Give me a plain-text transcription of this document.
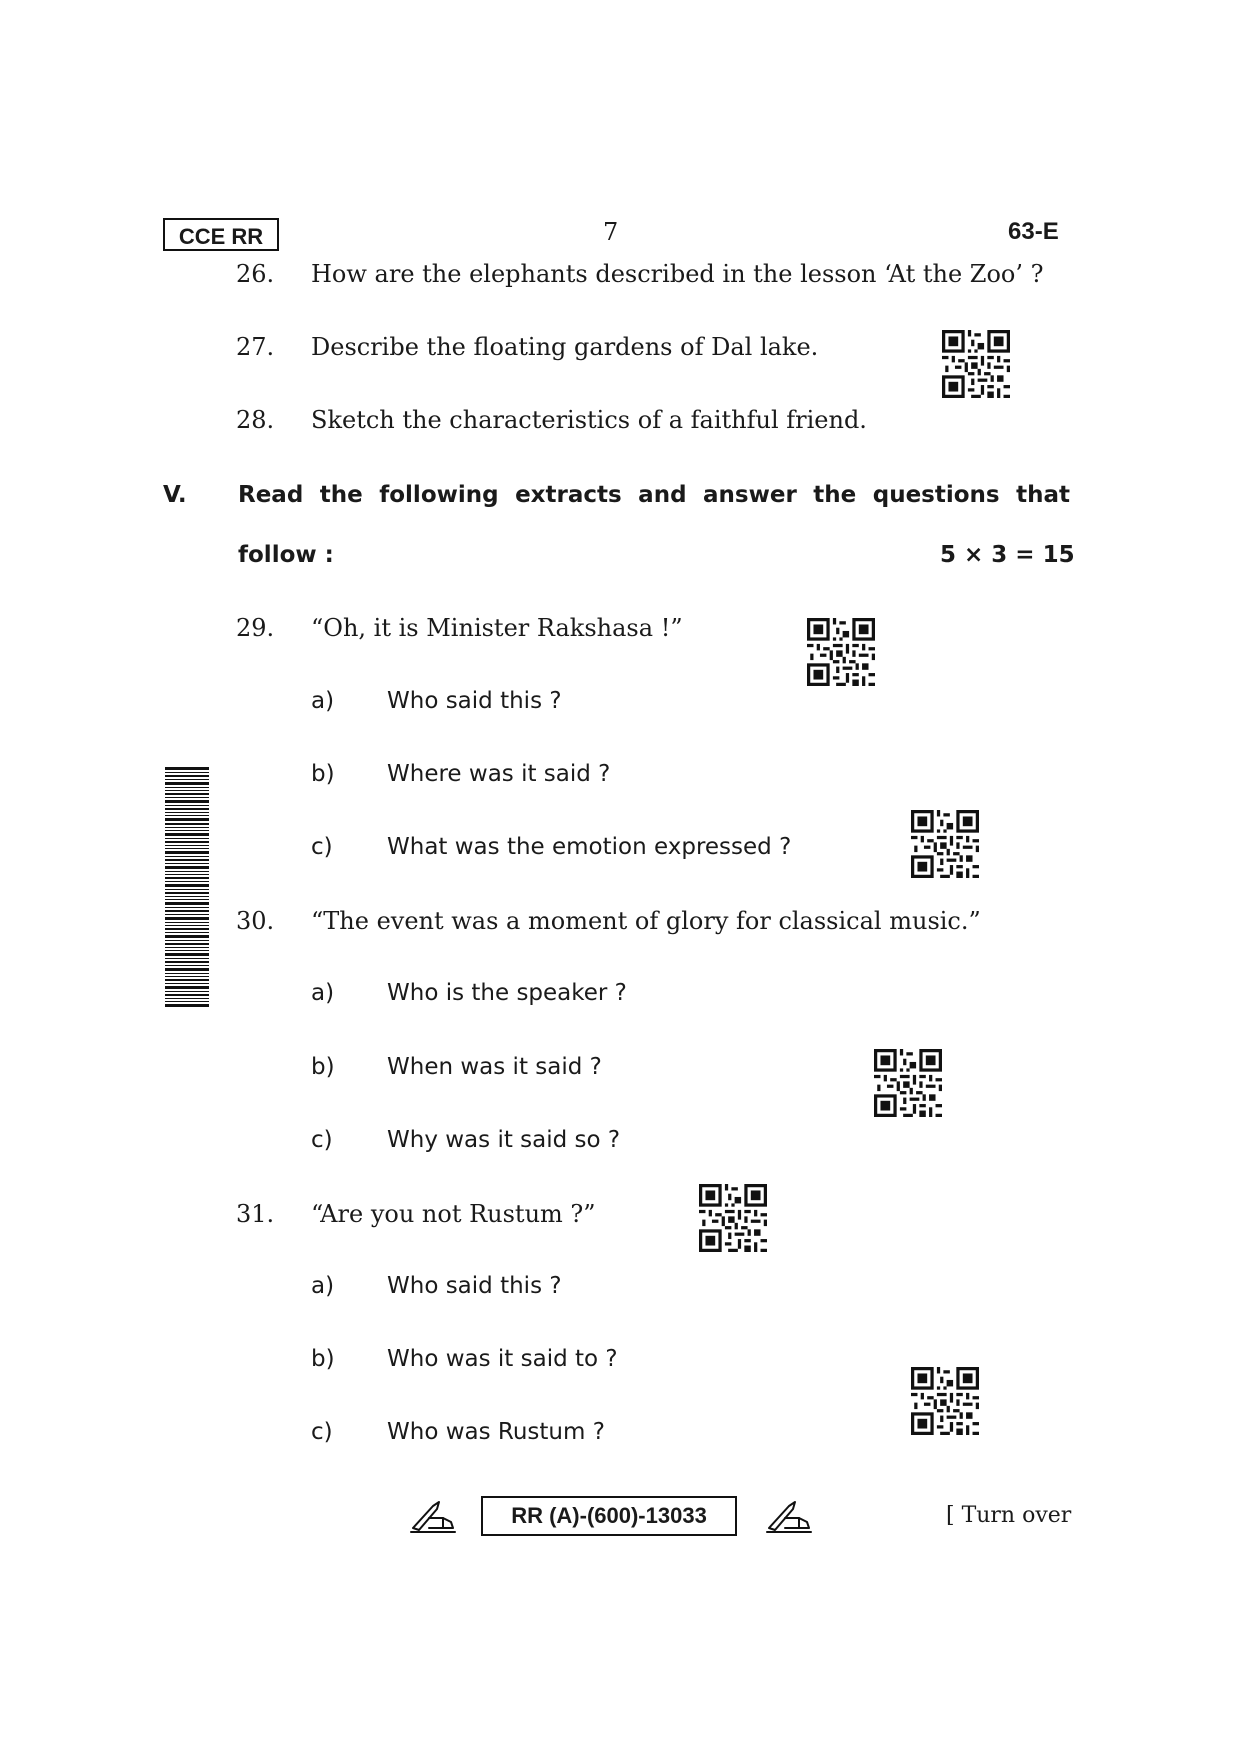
CCE RR	7	63-E
26. How are the elephants described in the lesson ‘At the Zoo’ ?
27. Describe the floating gardens of Dal lake.
28. Sketch the characteristics of a faithful friend.
V. Read the following extracts and answer the questions that
follow :	5 × 3 = 15
29. “Oh, it is Minister Rakshasa !”
a) Who said this ?
b) Where was it said ?
c) What was the emotion expressed ?
30. “The event was a moment of glory for classical music.”
a) Who is the speaker ?
b) When was it said ?
c) Why was it said so ?
31. “Are you not Rustum ?”
a) Who said this ?
b) Who was it said to ?
c) Who was Rustum ?
RR (A)-(600)-13033	[ Turn over
